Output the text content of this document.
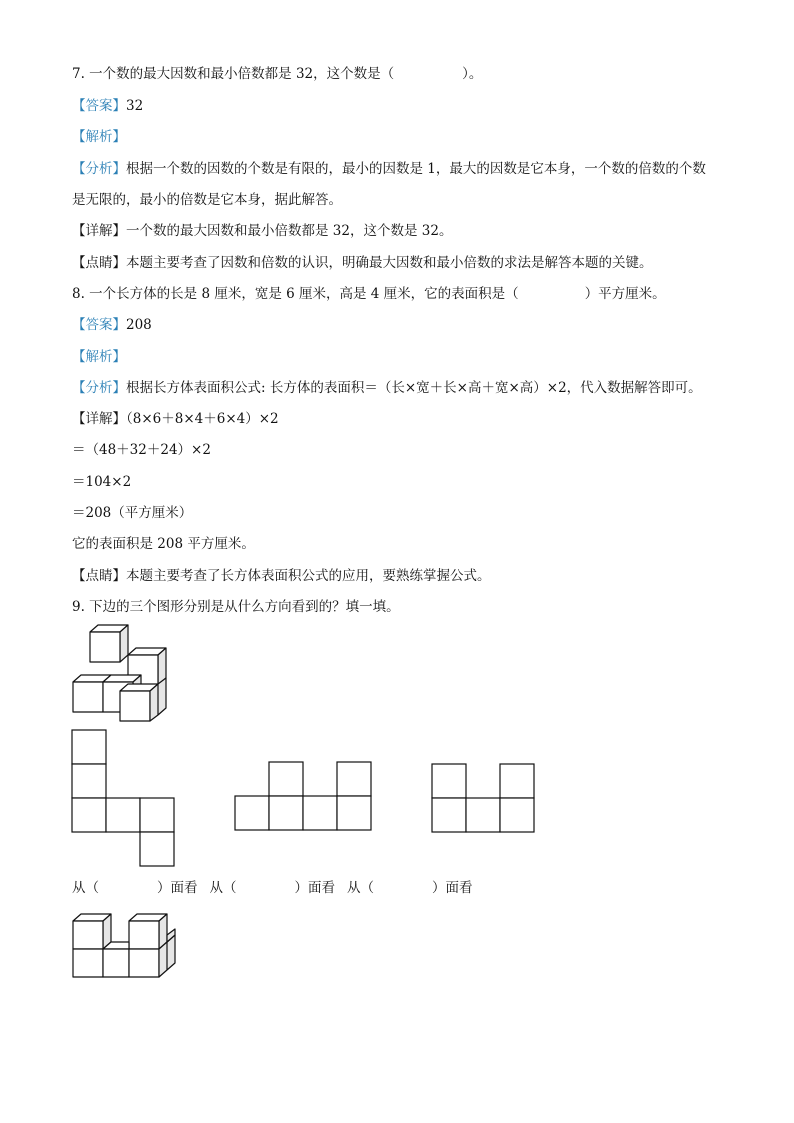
7. 一个数的最大因数和最小倍数都是 32，这个数是（	）。
【答案】32
【解析】
【分析】根据一个数的因数的个数是有限的，最小的因数是 1，最大的因数是它本身，一个数的倍数的个数
是无限的，最小的倍数是它本身，据此解答。
【详解】一个数的最大因数和最小倍数都是 32，这个数是 32。
【点睛】本题主要考查了因数和倍数的认识，明确最大因数和最小倍数的求法是解答本题的关键。
8. 一个长方体的长是 8 厘米，宽是 6 厘米，高是 4 厘米，它的表面积是（	）平方厘米。
【答案】208
【解析】
【分析】根据长方体表面积公式: 长方体的表面积＝（长×宽＋长×高＋宽×高）×2，代入数据解答即可。
【详解】（8×6＋8×4＋6×4）×2
＝（48＋32＋24）×2
＝104×2
＝208（平方厘米）
它的表面积是 208 平方厘米。
【点睛】本题主要考查了长方体表面积公式的应用，要熟练掌握公式。
9. 下边的三个图形分别是从什么方向看到的？填一填。
从（	）面看 从（	）面看 从（	）面看
